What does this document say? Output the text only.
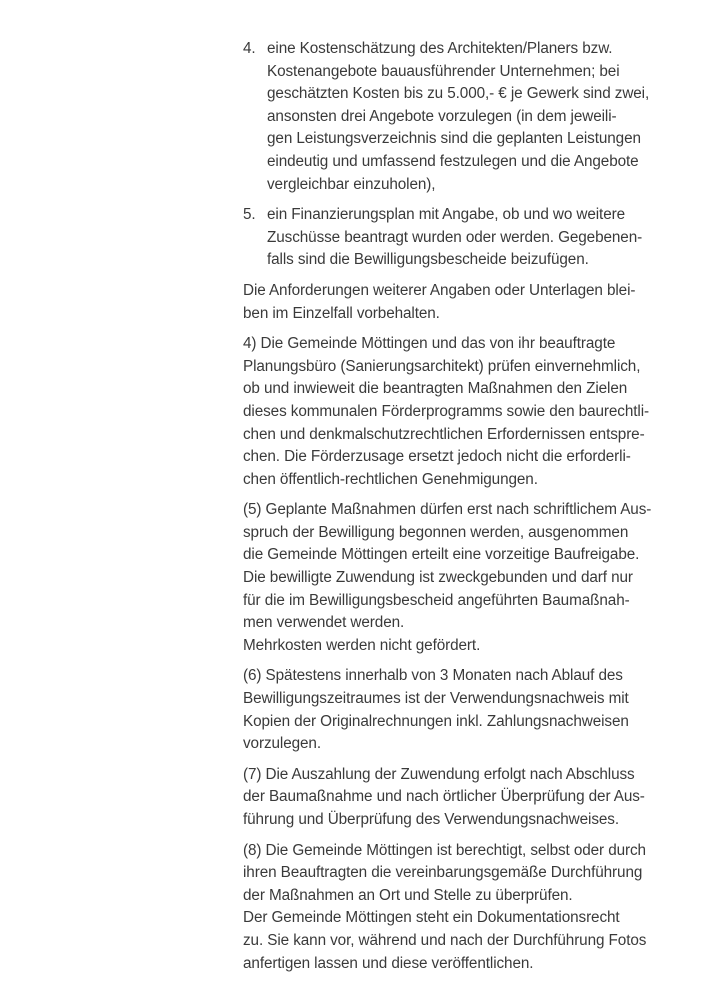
4. eine Kostenschätzung des Architekten/Planers bzw.
Kostenangebote bauausführender Unternehmen; bei
geschätzten Kosten bis zu 5.000,- € je Gewerk sind zwei,
ansonsten drei Angebote vorzulegen (in dem jeweili-
gen Leistungsverzeichnis sind die geplanten Leistungen
eindeutig und umfassend festzulegen und die Angebote
vergleichbar einzuholen),
5. ein Finanzierungsplan mit Angabe, ob und wo weitere
Zuschüsse beantragt wurden oder werden. Gegebenen-
falls sind die Bewilligungsbescheide beizufügen.

Die Anforderungen weiterer Angaben oder Unterlagen blei-
ben im Einzelfall vorbehalten.

4) Die Gemeinde Möttingen und das von ihr beauftragte
Planungsbüro (Sanierungsarchitekt) prüfen einvernehmlich,
ob und inwieweit die beantragten Maßnahmen den Zielen
dieses kommunalen Förderprogramms sowie den baurechtli-
chen und denkmalschutzrechtlichen Erfordernissen entspre-
chen. Die Förderzusage ersetzt jedoch nicht die erforderli-
chen öffentlich-rechtlichen Genehmigungen.

(5) Geplante Maßnahmen dürfen erst nach schriftlichem Aus-
spruch der Bewilligung begonnen werden, ausgenommen
die Gemeinde Möttingen erteilt eine vorzeitige Baufreigabe.
Die bewilligte Zuwendung ist zweckgebunden und darf nur
für die im Bewilligungsbescheid angeführten Baumaßnah-
men verwendet werden.
Mehrkosten werden nicht gefördert.

(6) Spätestens innerhalb von 3 Monaten nach Ablauf des
Bewilligungszeitraumes ist der Verwendungsnachweis mit
Kopien der Originalrechnungen inkl. Zahlungsnachweisen
vorzulegen.

(7) Die Auszahlung der Zuwendung erfolgt nach Abschluss
der Baumaßnahme und nach örtlicher Überprüfung der Aus-
führung und Überprüfung des Verwendungsnachweises.

(8) Die Gemeinde Möttingen ist berechtigt, selbst oder durch
ihren Beauftragten die vereinbarungsgemäße Durchführung
der Maßnahmen an Ort und Stelle zu überprüfen.
Der Gemeinde Möttingen steht ein Dokumentationsrecht
zu. Sie kann vor, während und nach der Durchführung Fotos
anfertigen lassen und diese veröffentlichen.
